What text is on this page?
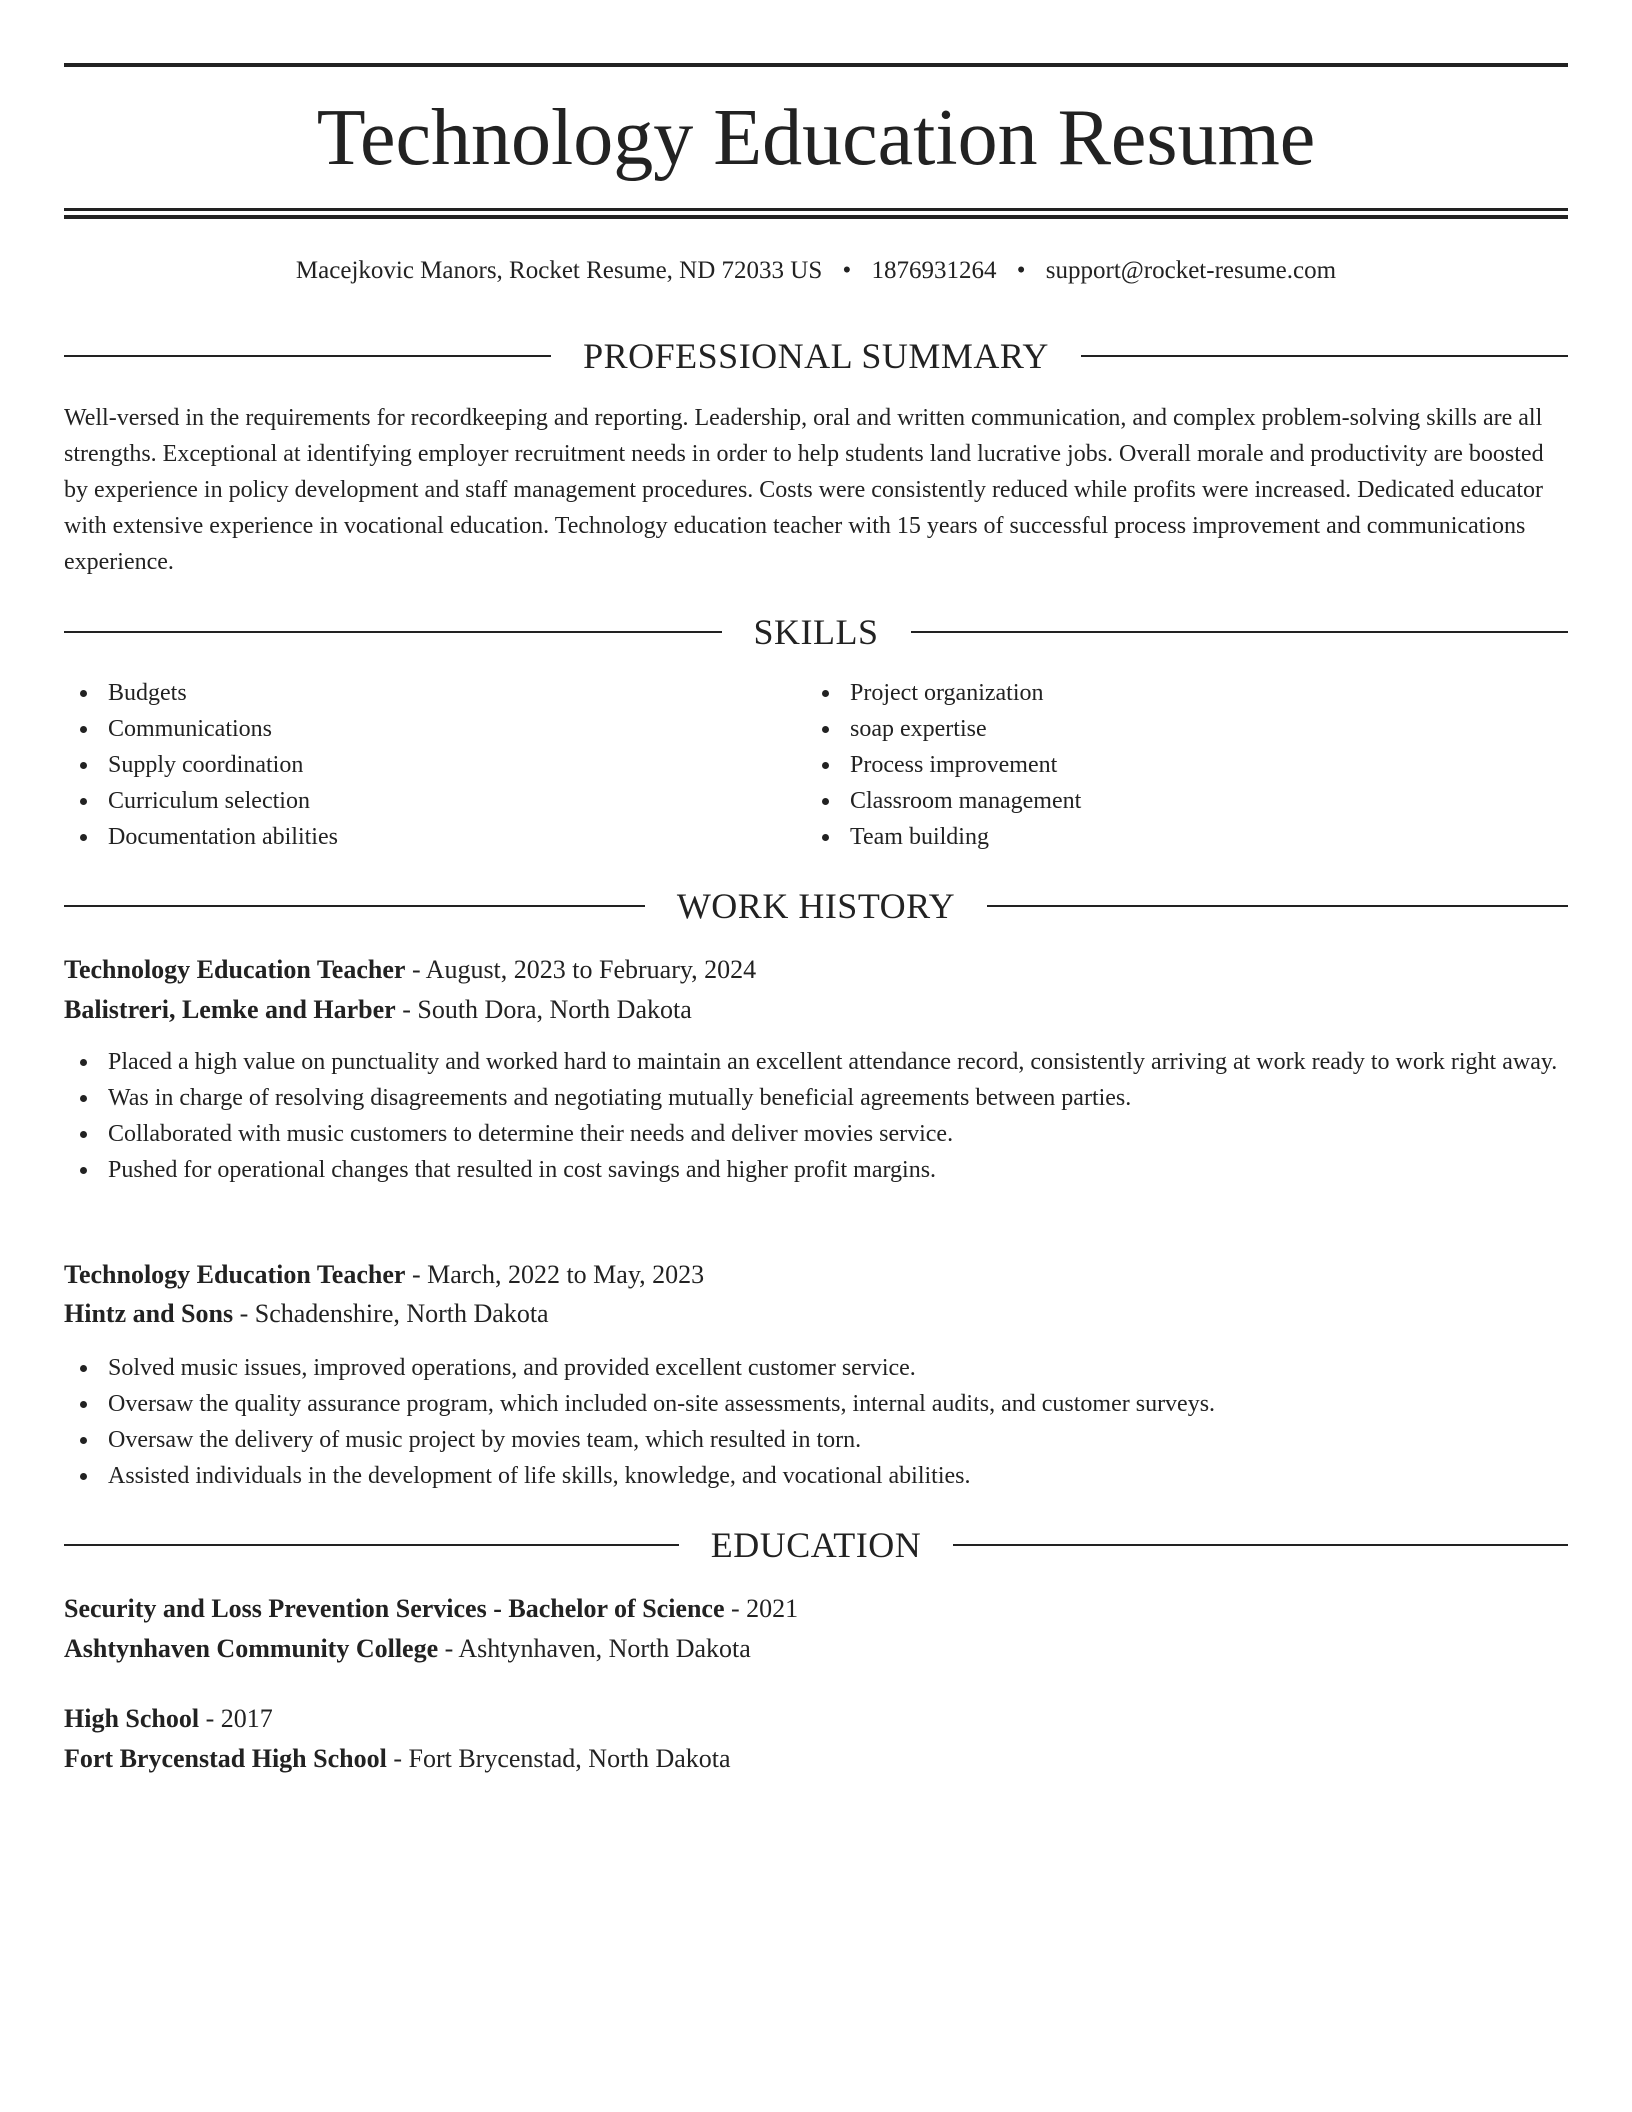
Technology Education Resume
Macejkovic Manors, Rocket Resume, ND 72033 US • 1876931264 • support@rocket-resume.com
PROFESSIONAL SUMMARY

Well-versed in the requirements for recordkeeping and reporting. Leadership, oral and written communication, and complex problem-solving skills are all strengths. Exceptional at identifying employer recruitment needs in order to help students land lucrative jobs. Overall morale and productivity are boosted by experience in policy development and staff management procedures. Costs were consistently reduced while profits were increased. Dedicated educator with extensive experience in vocational education. Technology education teacher with 15 years of successful process improvement and communications experience.

SKILLS
Budgets
Communications
Supply coordination
Curriculum selection
Documentation abilities
Project organization
soap expertise
Process improvement
Classroom management
Team building
WORK HISTORY
Technology Education Teacher - August, 2023 to February, 2024
Balistreri, Lemke and Harber - South Dora, North Dakota
Placed a high value on punctuality and worked hard to maintain an excellent attendance record, consistently arriving at work ready to work right away.
Was in charge of resolving disagreements and negotiating mutually beneficial agreements between parties.
Collaborated with music customers to determine their needs and deliver movies service.
Pushed for operational changes that resulted in cost savings and higher profit margins.
Technology Education Teacher - March, 2022 to May, 2023
Hintz and Sons - Schadenshire, North Dakota
Solved music issues, improved operations, and provided excellent customer service.
Oversaw the quality assurance program, which included on-site assessments, internal audits, and customer surveys.
Oversaw the delivery of music project by movies team, which resulted in torn.
Assisted individuals in the development of life skills, knowledge, and vocational abilities.
EDUCATION
Security and Loss Prevention Services - Bachelor of Science - 2021
Ashtynhaven Community College - Ashtynhaven, North Dakota
High School - 2017
Fort Brycenstad High School - Fort Brycenstad, North Dakota
